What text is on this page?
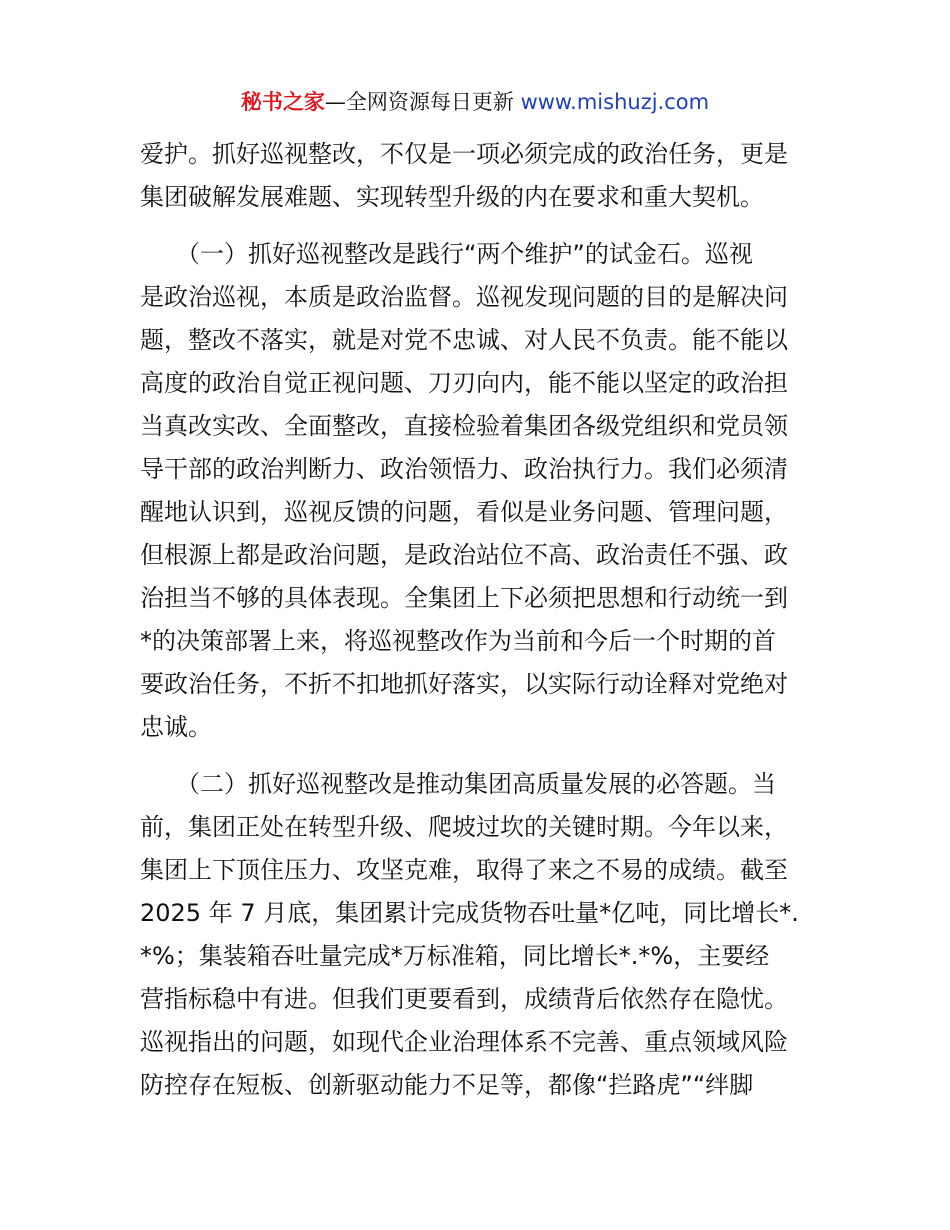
秘书之家—全网资源每日更新 www.mishuzj.com
爱护。抓好巡视整改，不仅是一项必须完成的政治任务，更是
集团破解发展难题、实现转型升级的内在要求和重大契机。
　　（一）抓好巡视整改是践行“两个维护”的试金石。巡视
是政治巡视，本质是政治监督。巡视发现问题的目的是解决问
题，整改不落实，就是对党不忠诚、对人民不负责。能不能以
高度的政治自觉正视问题、刀刃向内，能不能以坚定的政治担
当真改实改、全面整改，直接检验着集团各级党组织和党员领
导干部的政治判断力、政治领悟力、政治执行力。我们必须清
醒地认识到，巡视反馈的问题，看似是业务问题、管理问题，
但根源上都是政治问题，是政治站位不高、政治责任不强、政
治担当不够的具体表现。全集团上下必须把思想和行动统一到
*的决策部署上来，将巡视整改作为当前和今后一个时期的首
要政治任务，不折不扣地抓好落实，以实际行动诠释对党绝对
忠诚。
　　（二）抓好巡视整改是推动集团高质量发展的必答题。当
前，集团正处在转型升级、爬坡过坎的关键时期。今年以来，
集团上下顶住压力、攻坚克难，取得了来之不易的成绩。截至
2025 年 7 月底，集团累计完成货物吞吐量*亿吨，同比增长*.
*%；集装箱吞吐量完成*万标准箱，同比增长*.*%，主要经
营指标稳中有进。但我们更要看到，成绩背后依然存在隐忧。
巡视指出的问题，如现代企业治理体系不完善、重点领域风险
防控存在短板、创新驱动能力不足等，都像“拦路虎”“绊脚
